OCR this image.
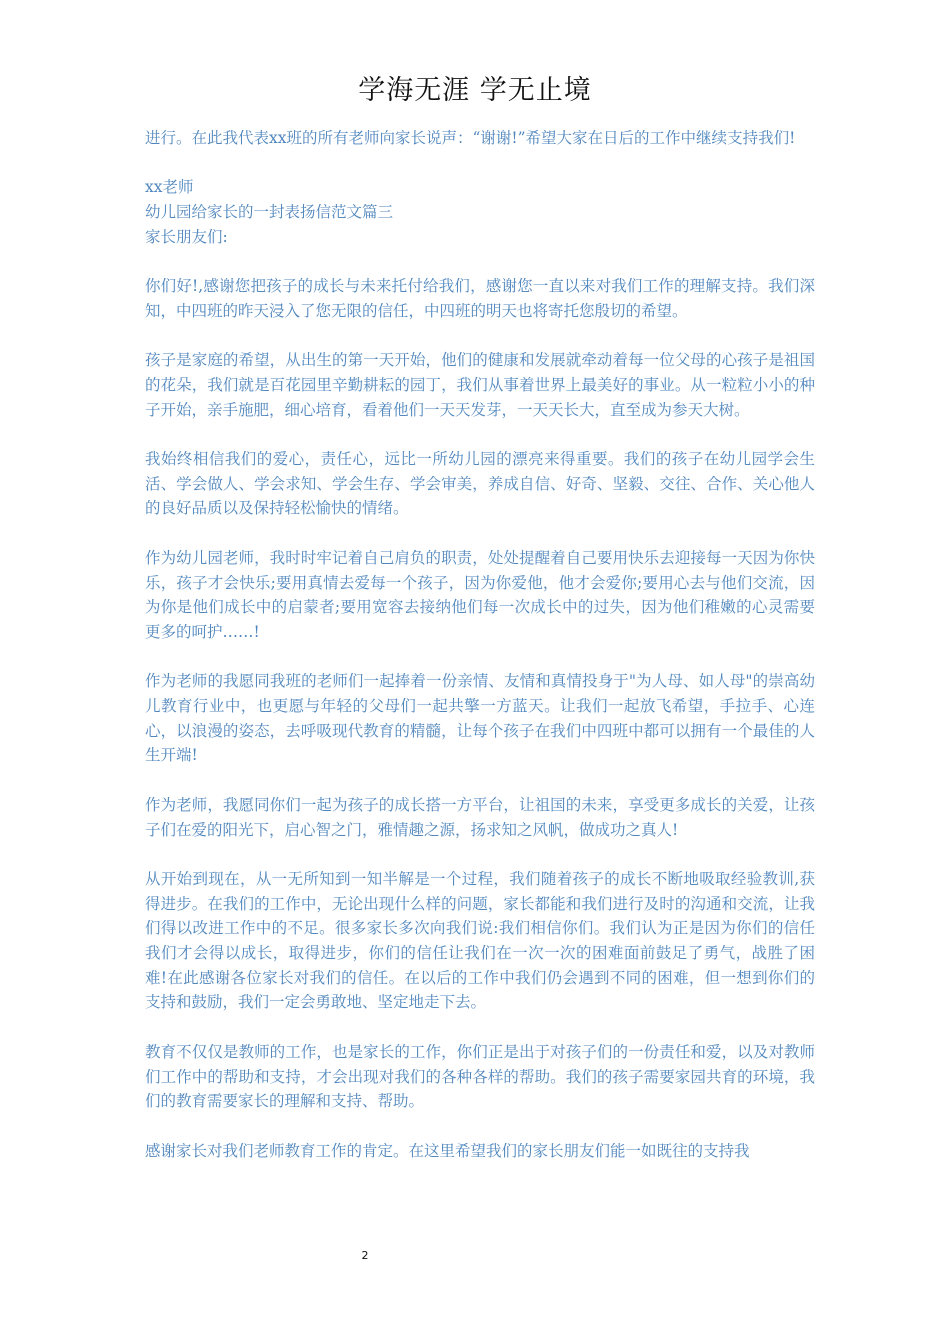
学海无涯 学无止境

进行。在此我代表xx班的所有老师向家长说声：“谢谢!”希望大家在日后的工作中继续支持我们!

xx老师
幼儿园给家长的一封表扬信范文篇三
家长朋友们:

你们好!,感谢您把孩子的成长与未来托付给我们，感谢您一直以来对我们工作的理解支持。我们深知，中四班的昨天浸入了您无限的信任，中四班的明天也将寄托您殷切的希望。

孩子是家庭的希望，从出生的第一天开始，他们的健康和发展就牵动着每一位父母的心孩子是祖国的花朵，我们就是百花园里辛勤耕耘的园丁，我们从事着世界上最美好的事业。从一粒粒小小的种子开始，亲手施肥，细心培育，看着他们一天天发芽，一天天长大，直至成为参天大树。

我始终相信我们的爱心，责任心，远比一所幼儿园的漂亮来得重要。我们的孩子在幼儿园学会生活、学会做人、学会求知、学会生存、学会审美，养成自信、好奇、坚毅、交往、合作、关心他人的良好品质以及保持轻松愉快的情绪。

作为幼儿园老师，我时时牢记着自己肩负的职责，处处提醒着自己要用快乐去迎接每一天因为你快乐，孩子才会快乐;要用真情去爱每一个孩子，因为你爱他，他才会爱你;要用心去与他们交流，因为你是他们成长中的启蒙者;要用宽容去接纳他们每一次成长中的过失，因为他们稚嫩的心灵需要更多的呵护……!

作为老师的我愿同我班的老师们一起捧着一份亲情、友情和真情投身于"为人母、如人母"的崇高幼儿教育行业中，也更愿与年轻的父母们一起共擎一方蓝天。让我们一起放飞希望，手拉手、心连心，以浪漫的姿态，去呼吸现代教育的精髓，让每个孩子在我们中四班中都可以拥有一个最佳的人生开端!

作为老师，我愿同你们一起为孩子的成长搭一方平台，让祖国的未来，享受更多成长的关爱，让孩子们在爱的阳光下，启心智之门，雅情趣之源，扬求知之风帆，做成功之真人!

从开始到现在，从一无所知到一知半解是一个过程，我们随着孩子的成长不断地吸取经验教训,获得进步。在我们的工作中，无论出现什么样的问题，家长都能和我们进行及时的沟通和交流，让我们得以改进工作中的不足。很多家长多次向我们说:我们相信你们。我们认为正是因为你们的信任我们才会得以成长，取得进步，你们的信任让我们在一次一次的困难面前鼓足了勇气，战胜了困难!在此感谢各位家长对我们的信任。在以后的工作中我们仍会遇到不同的困难，但一想到你们的支持和鼓励，我们一定会勇敢地、坚定地走下去。

教育不仅仅是教师的工作，也是家长的工作，你们正是出于对孩子们的一份责任和爱，以及对教师们工作中的帮助和支持，才会出现对我们的各种各样的帮助。我们的孩子需要家园共育的环境，我们的教育需要家长的理解和支持、帮助。

感谢家长对我们老师教育工作的肯定。在这里希望我们的家长朋友们能一如既往的支持我

2
